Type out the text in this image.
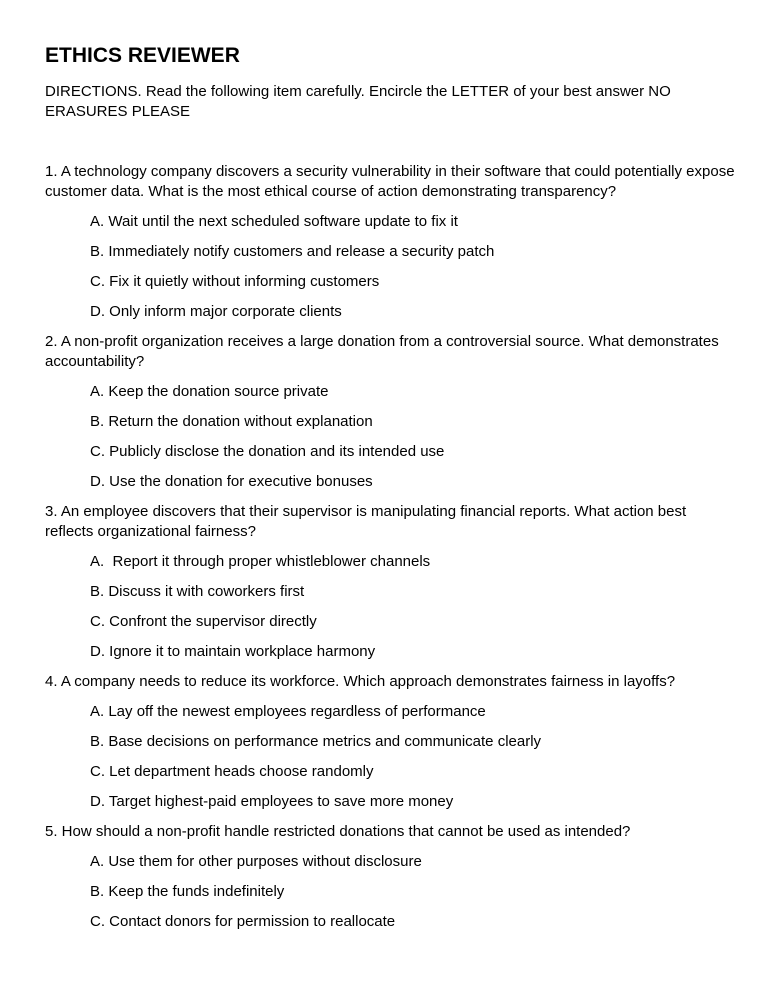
ETHICS REVIEWER
DIRECTIONS. Read the following item carefully. Encircle the LETTER of your best answer NO ERASURES PLEASE
1. A technology company discovers a security vulnerability in their software that could potentially expose customer data. What is the most ethical course of action demonstrating transparency?
A. Wait until the next scheduled software update to fix it
B. Immediately notify customers and release a security patch
C. Fix it quietly without informing customers
D. Only inform major corporate clients
2. A non-profit organization receives a large donation from a controversial source. What demonstrates accountability?
A. Keep the donation source private
B. Return the donation without explanation
C. Publicly disclose the donation and its intended use
D. Use the donation for executive bonuses
3. An employee discovers that their supervisor is manipulating financial reports. What action best reflects organizational fairness?
A.  Report it through proper whistleblower channels
B. Discuss it with coworkers first
C. Confront the supervisor directly
D. Ignore it to maintain workplace harmony
4. A company needs to reduce its workforce. Which approach demonstrates fairness in layoffs?
A. Lay off the newest employees regardless of performance
B. Base decisions on performance metrics and communicate clearly
C. Let department heads choose randomly
D. Target highest-paid employees to save more money
5. How should a non-profit handle restricted donations that cannot be used as intended?
A. Use them for other purposes without disclosure
B. Keep the funds indefinitely
C. Contact donors for permission to reallocate
